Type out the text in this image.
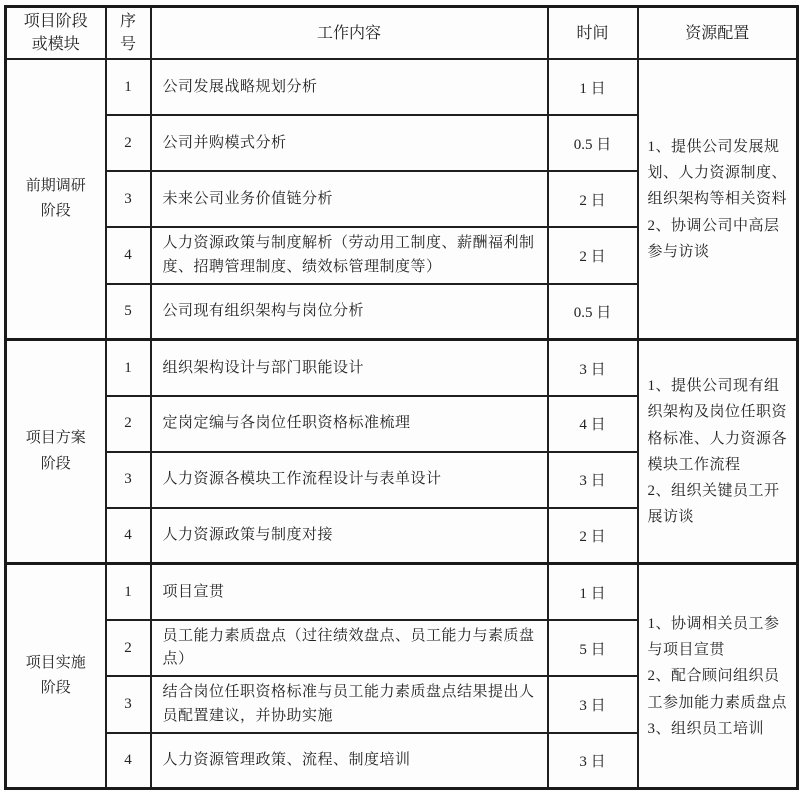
项目阶段或模块	序号	工作内容	时间	资源配置
前期调研阶段	1	公司发展战略规划分析	1 日	1、提供公司发展规划、人力资源制度、组织架构等相关资料
2、协调公司中高层参与访谈

	2	公司并购模式分析	0.5 日	
	3	未来公司业务价值链分析	2 日	
	4	人力资源政策与制度解析（劳动用工制度、薪酬福利制度、招聘管理制度、绩效标管理制度等）	2 日	
	5	公司现有组织架构与岗位分析	0.5 日	
项目方案阶段	1	组织架构设计与部门职能设计	3 日	1、提供公司现有组织架构及岗位任职资格标准、人力资源各模块工作流程
2、组织关键员工开展访谈

	2	定岗定编与各岗位任职资格标准梳理	4 日	
	3	人力资源各模块工作流程设计与表单设计	3 日	
	4	人力资源政策与制度对接	2 日	
项目实施阶段	1	项目宣贯	1 日	1、协调相关员工参与项目宣贯
2、配合顾问组织员工参加能力素质盘点
3、组织员工培训

	2	员工能力素质盘点（过往绩效盘点、员工能力与素质盘点）	5 日	
	3	结合岗位任职资格标准与员工能力素质盘点结果提出人员配置建议，并协助实施	3 日	
	4	人力资源管理政策、流程、制度培训	3 日	
